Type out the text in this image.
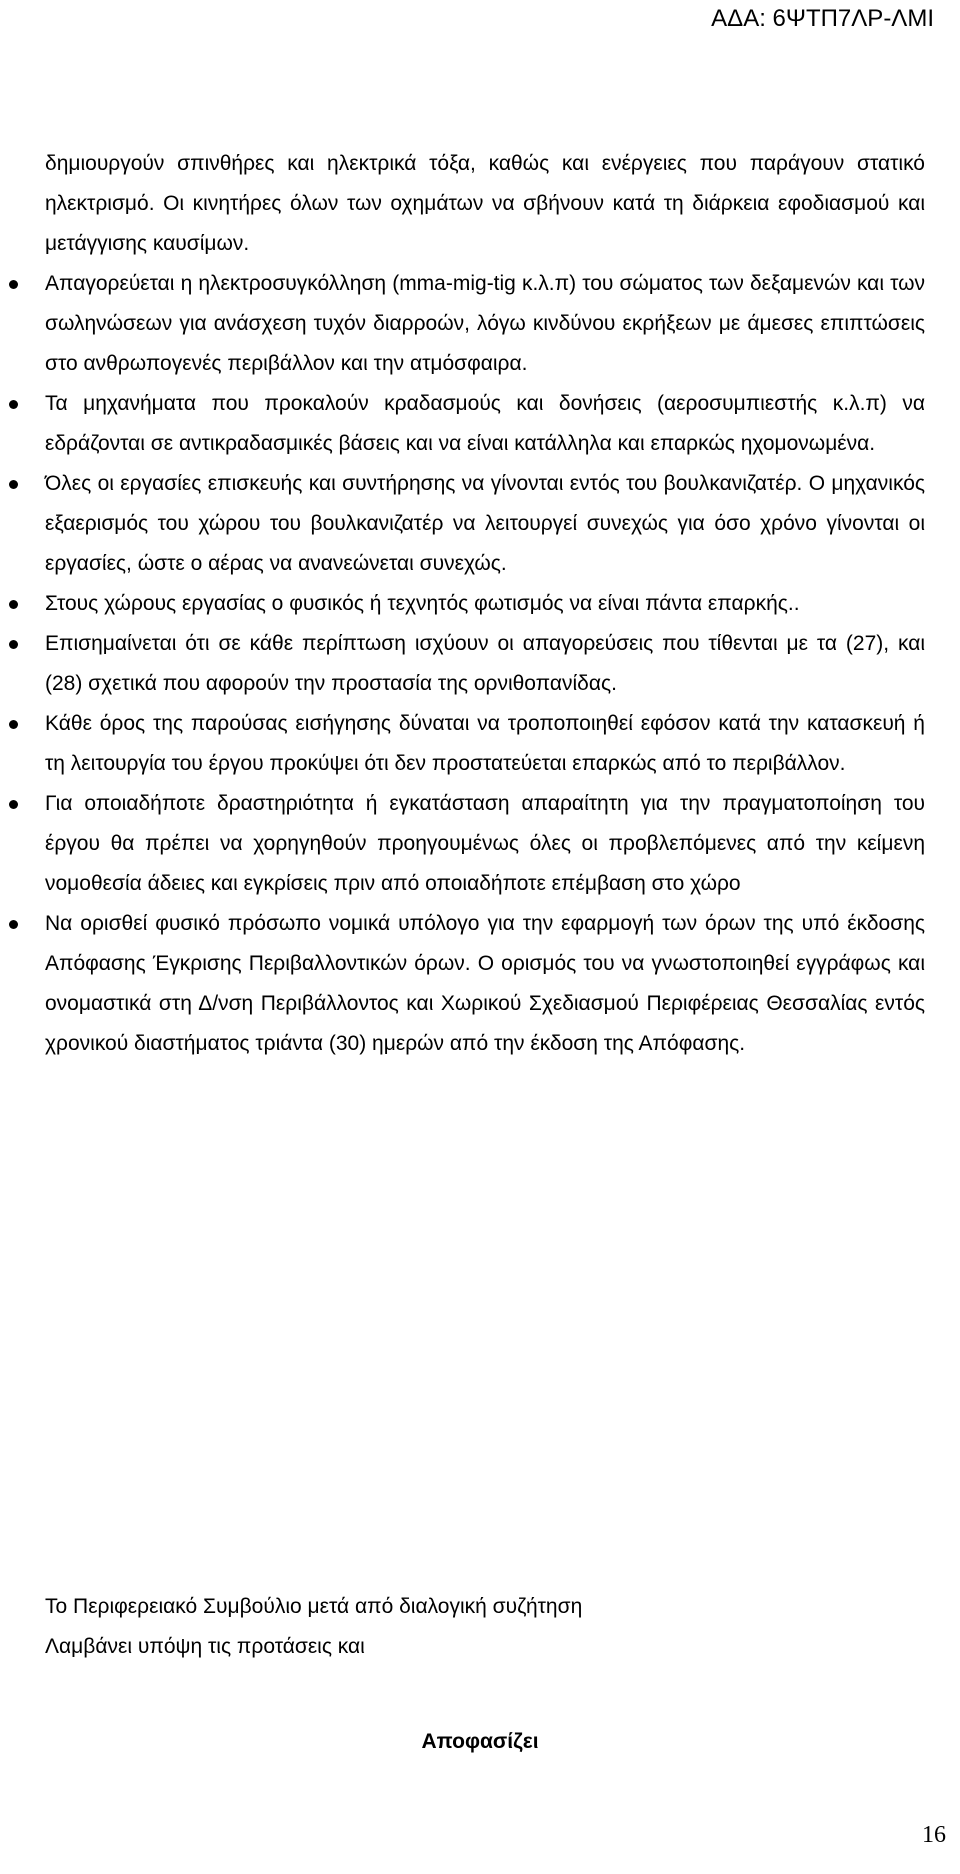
ΑΔΑ: 6ΨΤΠ7ΛΡ-ΛΜΙ

δημιουργούν σπινθήρες και ηλεκτρικά τόξα, καθώς και ενέργειες που παράγουν στατικό ηλεκτρισμό. Οι κινητήρες όλων των οχημάτων να σβήνουν κατά τη διάρκεια εφοδιασμού και μετάγγισης καυσίμων.

Απαγορεύεται η ηλεκτροσυγκόλληση (mma-mig-tig κ.λ.π) του σώματος των δεξαμενών και των σωληνώσεων για ανάσχεση τυχόν διαρροών, λόγω κινδύνου εκρήξεων με άμεσες επιπτώσεις στο ανθρωπογενές περιβάλλον και την ατμόσφαιρα.
Τα μηχανήματα που προκαλούν κραδασμούς και δονήσεις (αεροσυμπιεστής κ.λ.π) να εδράζονται σε αντικραδασμικές βάσεις και να είναι κατάλληλα και επαρκώς ηχομονωμένα.
Όλες οι εργασίες επισκευής και συντήρησης να γίνονται εντός του βουλκανιζατέρ. Ο μηχανικός εξαερισμός του χώρου του βουλκανιζατέρ να λειτουργεί συνεχώς για όσο χρόνο γίνονται οι εργασίες, ώστε ο αέρας να ανανεώνεται συνεχώς.
Στους χώρους εργασίας ο φυσικός ή τεχνητός φωτισμός να είναι πάντα επαρκής..
Επισημαίνεται ότι σε κάθε περίπτωση ισχύουν οι απαγορεύσεις που τίθενται με τα (27), και (28) σχετικά που αφορούν την προστασία της ορνιθοπανίδας.
Κάθε όρος της παρούσας εισήγησης δύναται να τροποποιηθεί εφόσον κατά την κατασκευή ή τη λειτουργία του έργου προκύψει ότι δεν προστατεύεται επαρκώς από το περιβάλλον.
Για οποιαδήποτε δραστηριότητα ή εγκατάσταση απαραίτητη για την πραγματοποίηση του έργου θα πρέπει να χορηγηθούν προηγουμένως όλες οι προβλεπόμενες από την κείμενη νομοθεσία άδειες και εγκρίσεις πριν από οποιαδήποτε επέμβαση στο χώρο
Να ορισθεί φυσικό πρόσωπο νομικά υπόλογο για την εφαρμογή των όρων της υπό έκδοσης Απόφασης Έγκρισης Περιβαλλοντικών όρων. Ο ορισμός του να γνωστοποιηθεί εγγράφως και ονομαστικά στη Δ/νση Περιβάλλοντος και Χωρικού Σχεδιασμού Περιφέρειας Θεσσαλίας εντός χρονικού διαστήματος τριάντα (30) ημερών από την έκδοση της Απόφασης.

Το Περιφερειακό Συμβούλιο μετά από διαλογική συζήτηση

Λαμβάνει υπόψη τις προτάσεις και

Αποφασίζει
16
